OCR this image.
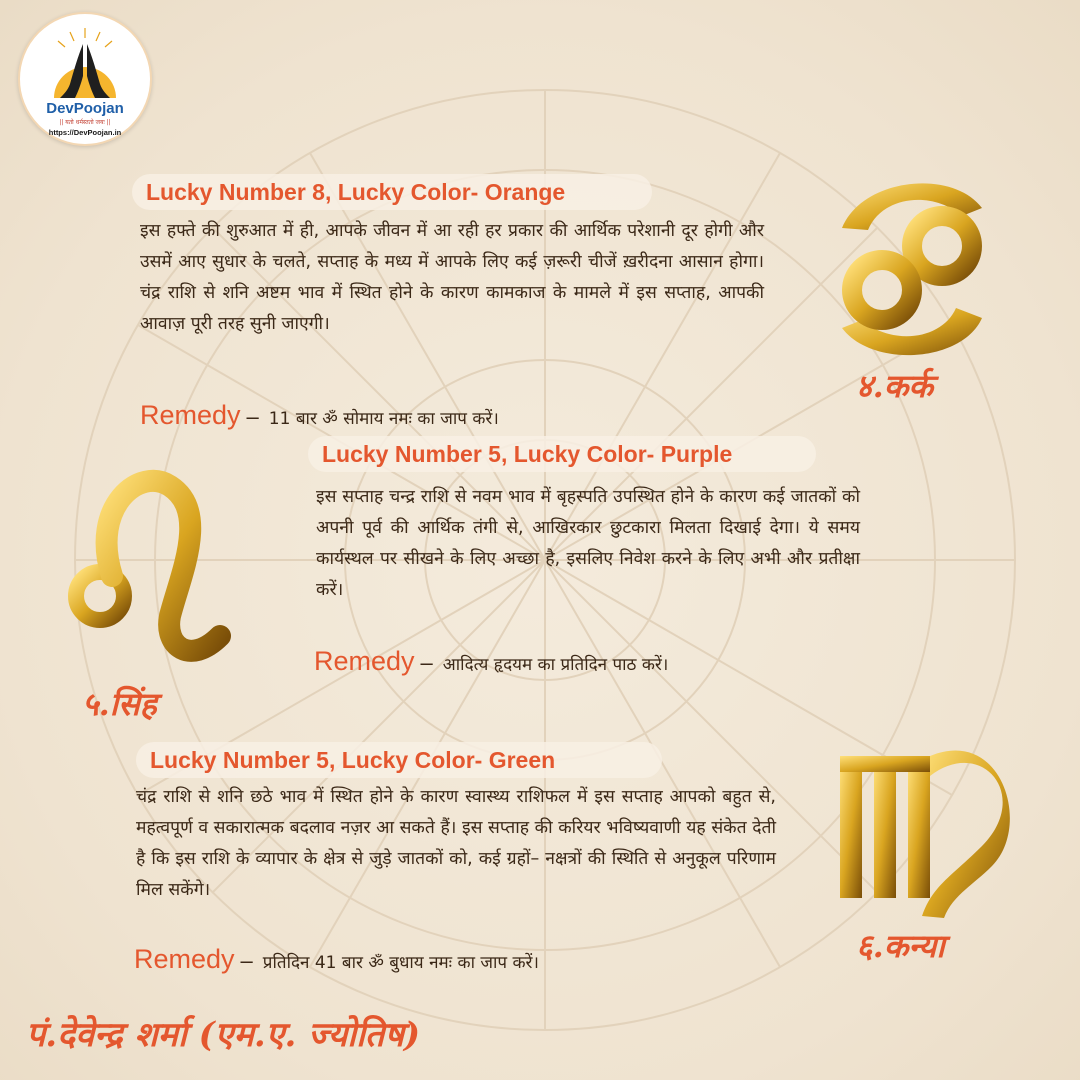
DevPoojan
|| यतो धर्मस्ततो जयः ||
https://DevPoojan.in
Lucky Number 8, Lucky Color- Orange
इस हफ्ते की शुरुआत में ही, आपके जीवन में आ रही हर प्रकार की आर्थिक परेशानी दूर होगी और उसमें आए सुधार के चलते, सप्ताह के मध्य में आपके लिए कई ज़रूरी चीजें ख़रीदना आसान होगा। चंद्र राशि से शनि अष्टम भाव में स्थित होने के कारण कामकाज के मामले में इस सप्ताह, आपकी आवाज़ पूरी तरह सुनी जाएगी।
Remedy – 11 बार ॐ सोमाय नमः का जाप करें।
४.कर्क
Lucky Number 5, Lucky Color- Purple
इस सप्ताह चन्द्र राशि से नवम भाव में बृहस्पति उपस्थित होने के कारण कई जातकों को अपनी पूर्व की आर्थिक तंगी से, आखिरकार छुटकारा मिलता दिखाई देगा। ये समय कार्यस्थल पर सीखने के लिए अच्छा है, इसलिए निवेश करने के लिए अभी और प्रतीक्षा करें।
Remedy – आदित्य हृदयम का प्रतिदिन पाठ करें।
५.सिंह
Lucky Number 5, Lucky Color- Green
चंद्र राशि से शनि छठे भाव में स्थित होने के कारण स्वास्थ्य राशिफल में इस सप्ताह आपको बहुत से, महत्वपूर्ण व सकारात्मक बदलाव नज़र आ सकते हैं। इस सप्ताह की करियर भविष्यवाणी यह संकेत देती है कि इस राशि के व्यापार के क्षेत्र से जुड़े जातकों को, कई ग्रहों– नक्षत्रों की स्थिति से अनुकूल परिणाम मिल सकेंगे।
Remedy – प्रतिदिन 41 बार ॐ बुधाय नमः का जाप करें।	६.कन्या
पं.देवेन्द्र शर्मा (एम.ए. ज्योतिष)
